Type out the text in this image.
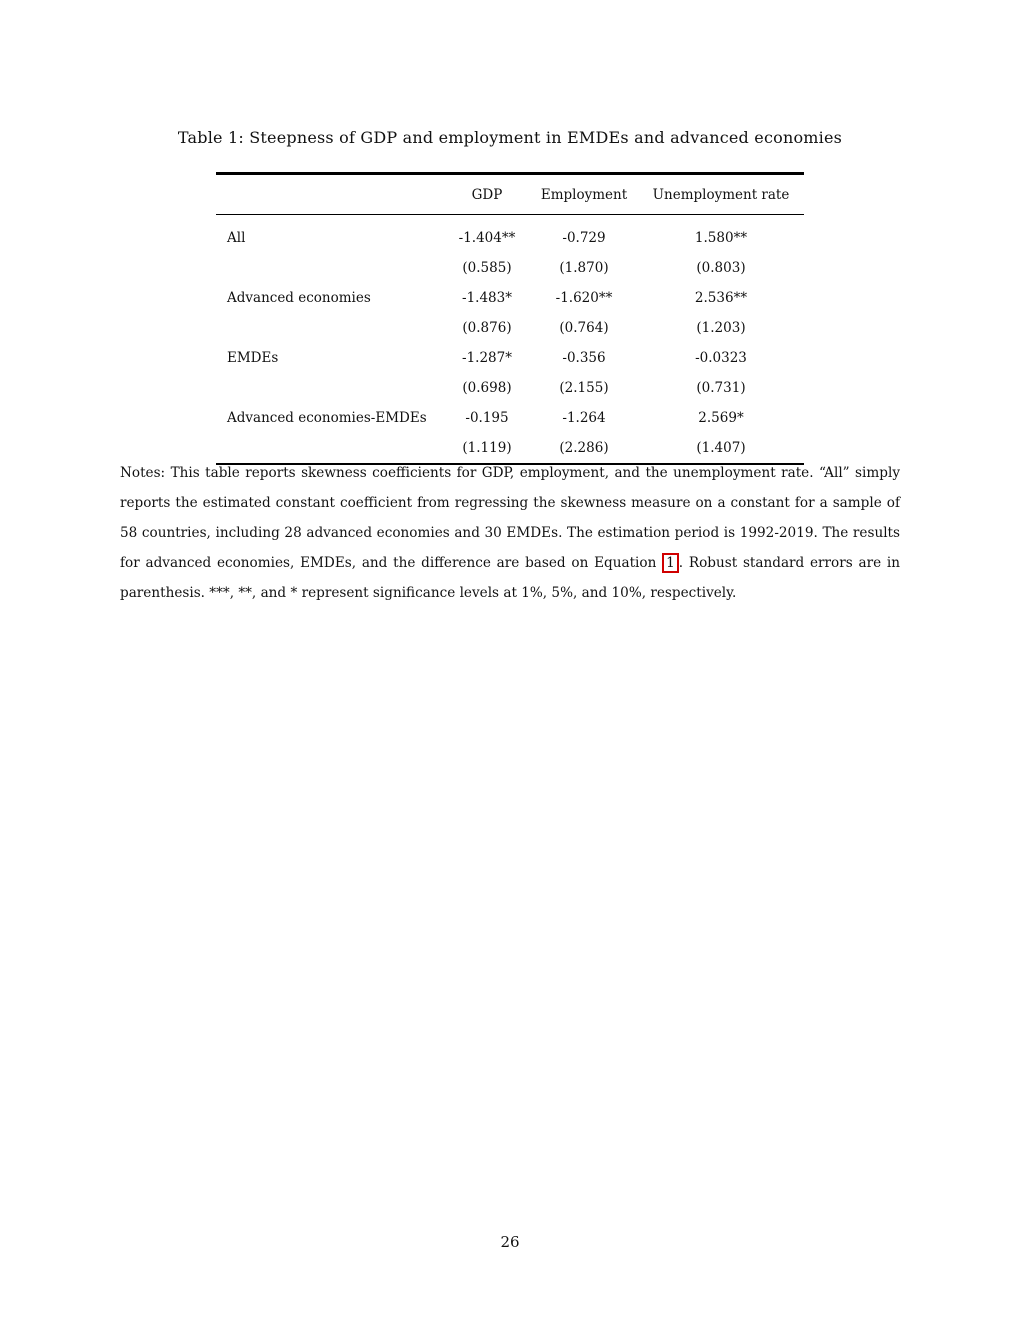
Table 1: Steepness of GDP and employment in EMDEs and advanced economies
	GDP	Employment	Unemployment rate
All	-1.404**	-0.729	1.580**
	(0.585)	(1.870)	(0.803)
Advanced economies	-1.483*	-1.620**	2.536**
	(0.876)	(0.764)	(1.203)
EMDEs	-1.287*	-0.356	-0.0323
	(0.698)	(2.155)	(0.731)
Advanced economies-EMDEs	-0.195	-1.264	2.569*
	(1.119)	(2.286)	(1.407)
Notes: This table reports skewness coefficients for GDP, employment, and the unemployment rate. “All” simply reports the estimated constant coefficient from regressing the skewness measure on a constant for a sample of 58 countries, including 28 advanced economies and 30 EMDEs. The estimation period is 1992-2019. The results for advanced economies, EMDEs, and the difference are based on Equation 1 . Robust standard errors are in parenthesis. ***, **, and * represent significance levels at 1%, 5%, and 10%, respectively.
26
